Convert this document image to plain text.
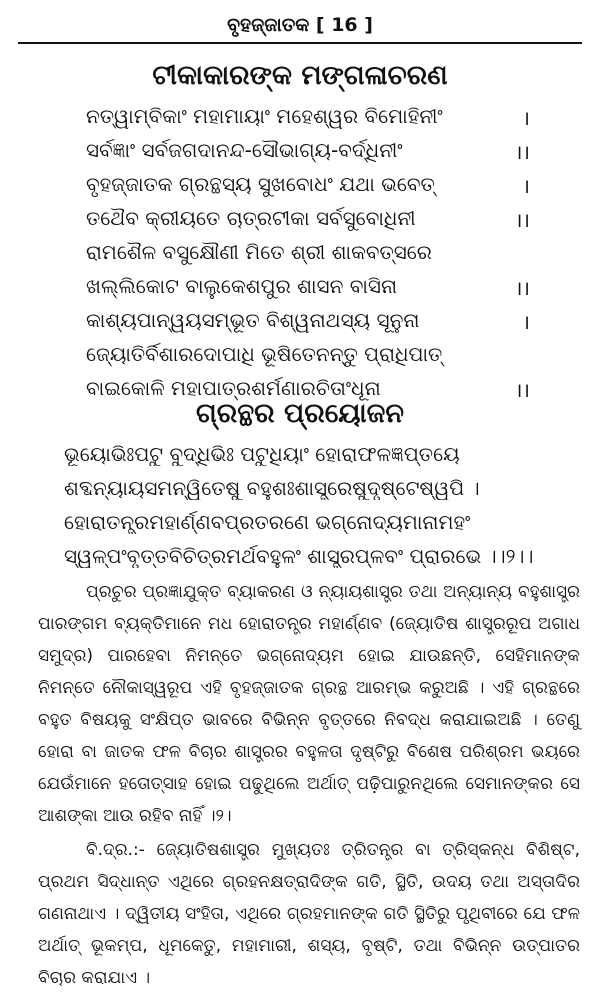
ବୃହଜ୍ଜାତକ [ 16 ]
ଟୀକାକାରଙ୍କ ମଙ୍ଗଳାଚରଣ
ନତ୍ୱାମ୍ବିକାଂ ମହାମାୟାଂ ମହେଶ୍ୱର ବିମୋହିନୀଂ	।
ସର୍ବଜ୍ଞାଂ ସର୍ବଜଗଦାନନ୍ଦ-ସୌଭାଗ୍ୟ-ବର୍ଦ୍ଧିନୀଂ	।।
ବୃହଜ୍ଜାତକ ଗ୍ରନ୍ଥସ୍ୟ ସୁଖବୋଧଂ ଯଥା ଭବେତ୍	।
ତଥୈବ କ୍ରୀୟତେ ଚାତ୍ରଟୀକା ସର୍ବସୁବୋଧିନୀ	।।
ରାମଶୈଳ ବସୁକ୍ଷୌଣୀ ମିତେ ଶ୍ରୀ ଶାକବତ୍ସରେ
ଖଲ୍ଲିକୋଟ ବାଲୁକେଶପୁର ଶାସନ ବାସିନା	।।
କାଶ୍ୟପାନ୍ୱୟସମ୍ଭୂତ ବିଶ୍ୱନାଥସ୍ୟ ସୂନୁନା	।
ଜ୍ୟୋତିର୍ବିଶାରଦୋପାଧି ଭୂଷିତେନନ୍ତୁ ପ୍ରାଧିପାତ୍
ବାଇକୋଳି ମହାପାତ୍ରଶର୍ମଣାରଚିତାଂଧୂନା	।।
ଗ୍ରନ୍ଥର ପ୍ରୟୋଜନ
ଭୂୟୋଭିଃପଟୁ ବୁଦ୍ଧିଭିଃ ପଟୁଧିୟାଂ ହୋରାଫଳଜ୍ଞପ୍ତୟେ
ଶବ୍ଦନ୍ୟାୟସମନ୍ୱିତେଷୁ ବହୁଶଃଶାସ୍ତ୍ରେଷୁଦୃଷ୍ଟେଷ୍ୱପି ।
ହୋରାତନ୍ତ୍ରମହାର୍ଣ୍ଣବପ୍ରତରଣେ ଭଗ୍ନୋଦ୍ୟମାନାମହଂ
ସ୍ୱଳ୍ପଂବୃତ୍ତବିଚିତ୍ରମର୍ଥବହୁଳଂ ଶାସ୍ତ୍ରପ୍ଳବଂ ପ୍ରାରଭେ ।।୨।।

ପ୍ରଚୁର ପ୍ରଜ୍ଞାଯୁକ୍ତ ବ୍ୟାକରଣ ଓ ନ୍ୟାୟଶାସ୍ତ୍ର ତଥା ଅନ୍ୟାନ୍ୟ ବହୁଶାସ୍ତ୍ର ପାରଙ୍ଗମ ବ୍ୟକ୍ତିମାନେ ମଧ ହୋରାତନ୍ତ୍ର ମହାର୍ଣ୍ଣବ (ଜ୍ୟୋତିଷ ଶାସ୍ତ୍ରରୂପ ଅଗାଧ ସମୁଦ୍ର) ପାରହେବା ନିମନ୍ତେ ଭଗ୍ନୋଦ୍ୟମ ହୋଇ ଯାଉଛନ୍ତି, ସେହିମାନଙ୍କ ନିମନ୍ତେ ନୌକାସ୍ୱରୂପ ଏହି ବୃହଜ୍ଜାତକ ଗ୍ରନ୍ଥ ଆରମ୍ଭ କରୁଅଛି । ଏହି ଗ୍ରନ୍ଥରେ ବହୁତ ବିଷୟକୁ ସଂକ୍ଷିପ୍ତ ଭାବରେ ବିଭିନ୍ନ ବୃତ୍ତରେ ନିବଦ୍ଧ କରାଯାଇଅଛି । ତେଣୁ ହୋରା ବା ଜାତକ ଫଳ ବିଚାର ଶାସ୍ତ୍ରର ବହୁଳତା ଦୃଷ୍ଟିରୁ ବିଶେଷ ପରିଶ୍ରମ ଭୟରେ ଯେଉଁମାନେ ହତୋତ୍ସାହ ହୋଇ ପଢୁଥିଲେ ଅର୍ଥାତ୍ ପଢ଼ିପାରୁନଥିଲେ ସେମାନଙ୍କର ସେ ଆଶଙ୍କା ଆଉ ରହିବ ନାହିଁ ।୨।

ବି.ଦ୍ର.:- ଜ୍ୟୋତିଷଶାସ୍ତ୍ର ମୁଖ୍ୟତଃ ତ୍ରିତନ୍ତ୍ର ବା ତ୍ରିସ୍କନ୍ଧ ବିଶିଷ୍ଟ, ପ୍ରଥମ ସିଦ୍ଧାନ୍ତ ଏଥିରେ ଗ୍ରହନକ୍ଷତ୍ରାଦିଙ୍କ ଗତି, ସ୍ଥିତି, ଉଦୟ ତଥା ଅସ୍ତାଦିର ଗଣନାଥାଏ । ଦ୍ୱିତୀୟ ସଂହିତା, ଏଥିରେ ଗ୍ରହମାନଙ୍କ ଗତି ସ୍ଥିତିରୁ ପୃଥିବୀରେ ଯେ ଫଳ ଅର୍ଥାତ୍ ଭୂକମ୍ପ, ଧୂମକେତୁ, ମହାମାରୀ, ଶସ୍ୟ, ବୃଷ୍ଟି, ତଥା ବିଭିନ୍ନ ଉତ୍ପାତର ବିଚାର କରାଯାଏ ।
